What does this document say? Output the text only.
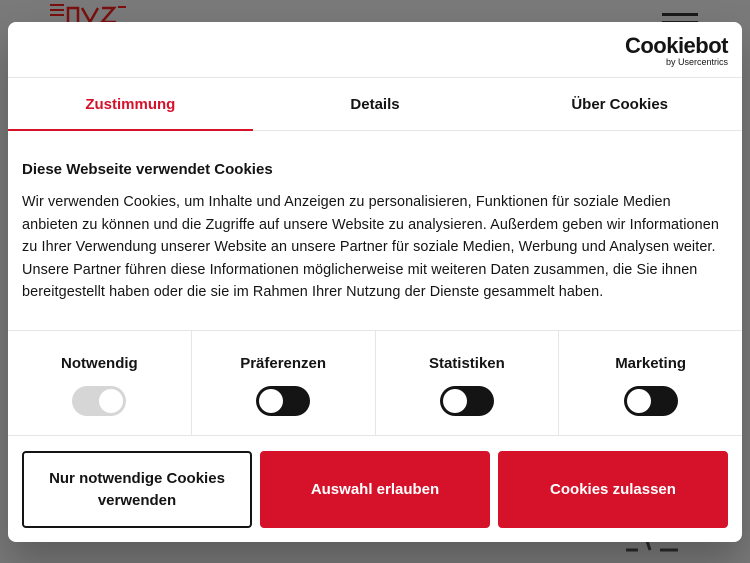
Cookiebot
by Usercentrics
Zustimmung	Details	Über Cookies
Diese Webseite verwendet Cookies

Wir verwenden Cookies, um Inhalte und Anzeigen zu personalisieren, Funktionen für soziale Medien anbieten zu können und die Zugriffe auf unsere Website zu analysieren. Außerdem geben wir Informationen zu Ihrer Verwendung unserer Website an unsere Partner für soziale Medien, Werbung und Analysen weiter. Unsere Partner führen diese Informationen möglicherweise mit weiteren Daten zusammen, die Sie ihnen bereitgestellt haben oder die sie im Rahmen Ihrer Nutzung der Dienste gesammelt haben.

Notwendig	Präferenzen	Statistiken	Marketing
Nur notwendige Cookies verwenden
Auswahl erlauben	Cookies zulassen
